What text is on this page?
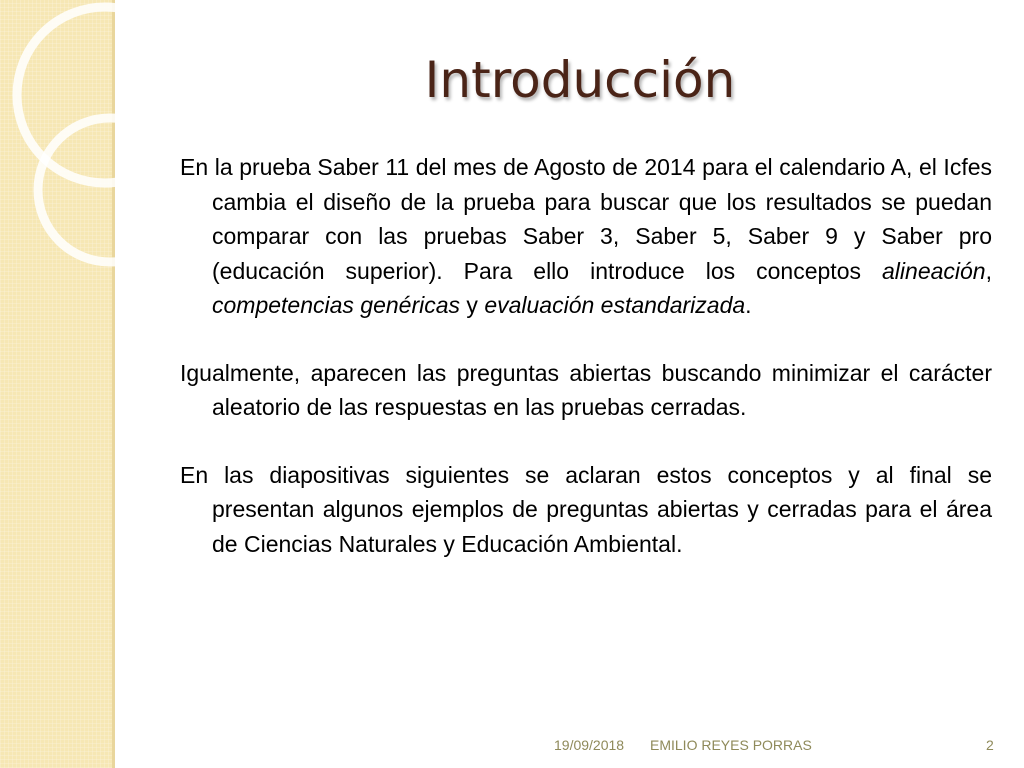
Introducción

En la prueba Saber 11 del mes de Agosto de 2014 para el calendario A, el Icfes cambia el diseño de la prueba para buscar que los resultados se puedan comparar con las pruebas Saber 3, Saber 5, Saber 9 y Saber pro (educación superior). Para ello introduce los conceptos alineación, competencias genéricas y evaluación estandarizada.

Igualmente, aparecen las preguntas abiertas buscando minimizar el carácter aleatorio de las respuestas en las pruebas cerradas.

En las diapositivas siguientes se aclaran estos conceptos y al final se presentan algunos ejemplos de preguntas abiertas y cerradas para el área de Ciencias Naturales y Educación Ambiental.

19/09/2018 EMILIO REYES PORRAS	2
